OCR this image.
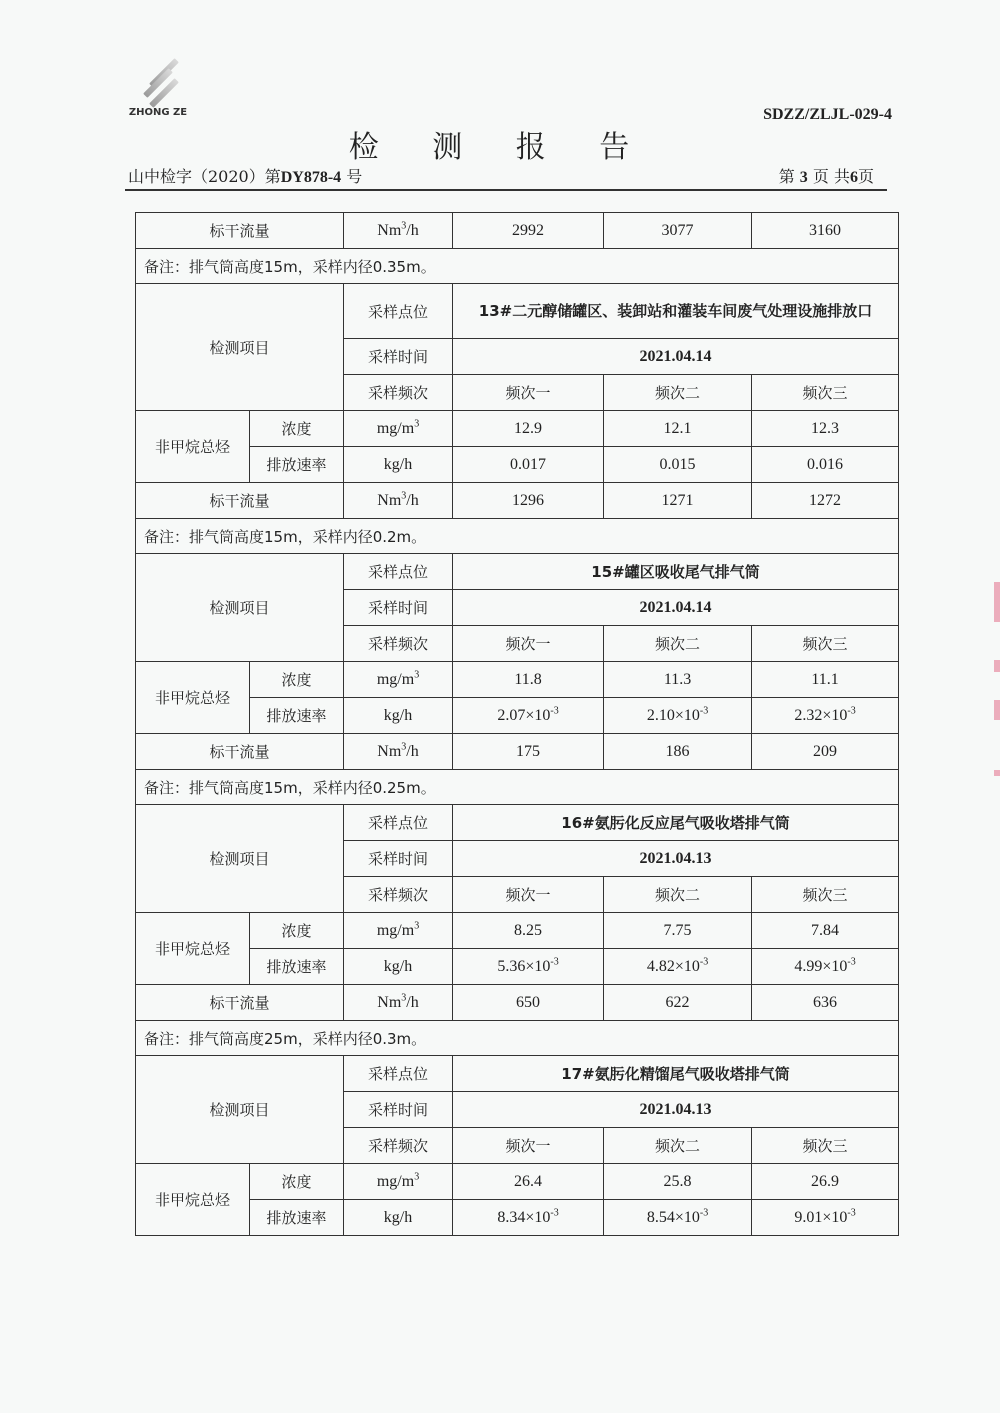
ZHONG ZE	SDZZ/ZLJL-029-4
检 测 报 告
山中检字（2020）第DY878-4 号	第 3 页 共6页
标干流量		Nm$^3$/h	2992	3077	3160
备注：排气筒高度15m，采样内径0.35m。					
检测项目		采样点位	13#二元醇储罐区、装卸站和灌装车间废气处理设施排放口		
		采样时间	2021.04.14		
		采样频次	频次一	频次二	频次三
非甲烷总烃	浓度	$mg/m^3$	12.9	12.1	12.3
	排放速率	kg/h	0.017	0.015	0.016
标干流量		Nm$^3$/h	1296	1271	1272
备注：排气筒高度15m，采样内径0.2m。					
检测项目		采样点位	15#罐区吸收尾气排气筒		
		采样时间	2021.04.14		
		采样频次	频次一	频次二	频次三
非甲烷总烃	浓度	$mg/m^3$	11.8	11.3	11.1
	排放速率	kg/h	$2.07\times 10^{-3}$	$2.10\times 10^{-3}$	$2.32\times 10^{-3}$
标干流量		Nm$^3$/h	175	186	209
备注：排气筒高度15m，采样内径0.25m。					
检测项目		采样点位	16#氨肟化反应尾气吸收塔排气筒		
		采样时间	2021.04.13		
		采样频次	频次一	频次二	频次三
非甲烷总烃	浓度	$mg/m^3$	8.25	7.75	7.84
	排放速率	kg/h	$5.36\times 10^{-3}$	$4.82\times 10^{-3}$	$4.99\times 10^{-3}$
标干流量		Nm$^3$/h	650	622	636
备注：排气筒高度25m，采样内径0.3m。					
检测项目		采样点位	17#氨肟化精馏尾气吸收塔排气筒		
		采样时间	2021.04.13		
		采样频次	频次一	频次二	频次三
非甲烷总烃	浓度	$mg/m^3$	26.4	25.8	26.9
	排放速率	kg/h	$8.34\times 10^{-3}$	$8.54\times 10^{-3}$	$9.01\times 10^{-3}$
